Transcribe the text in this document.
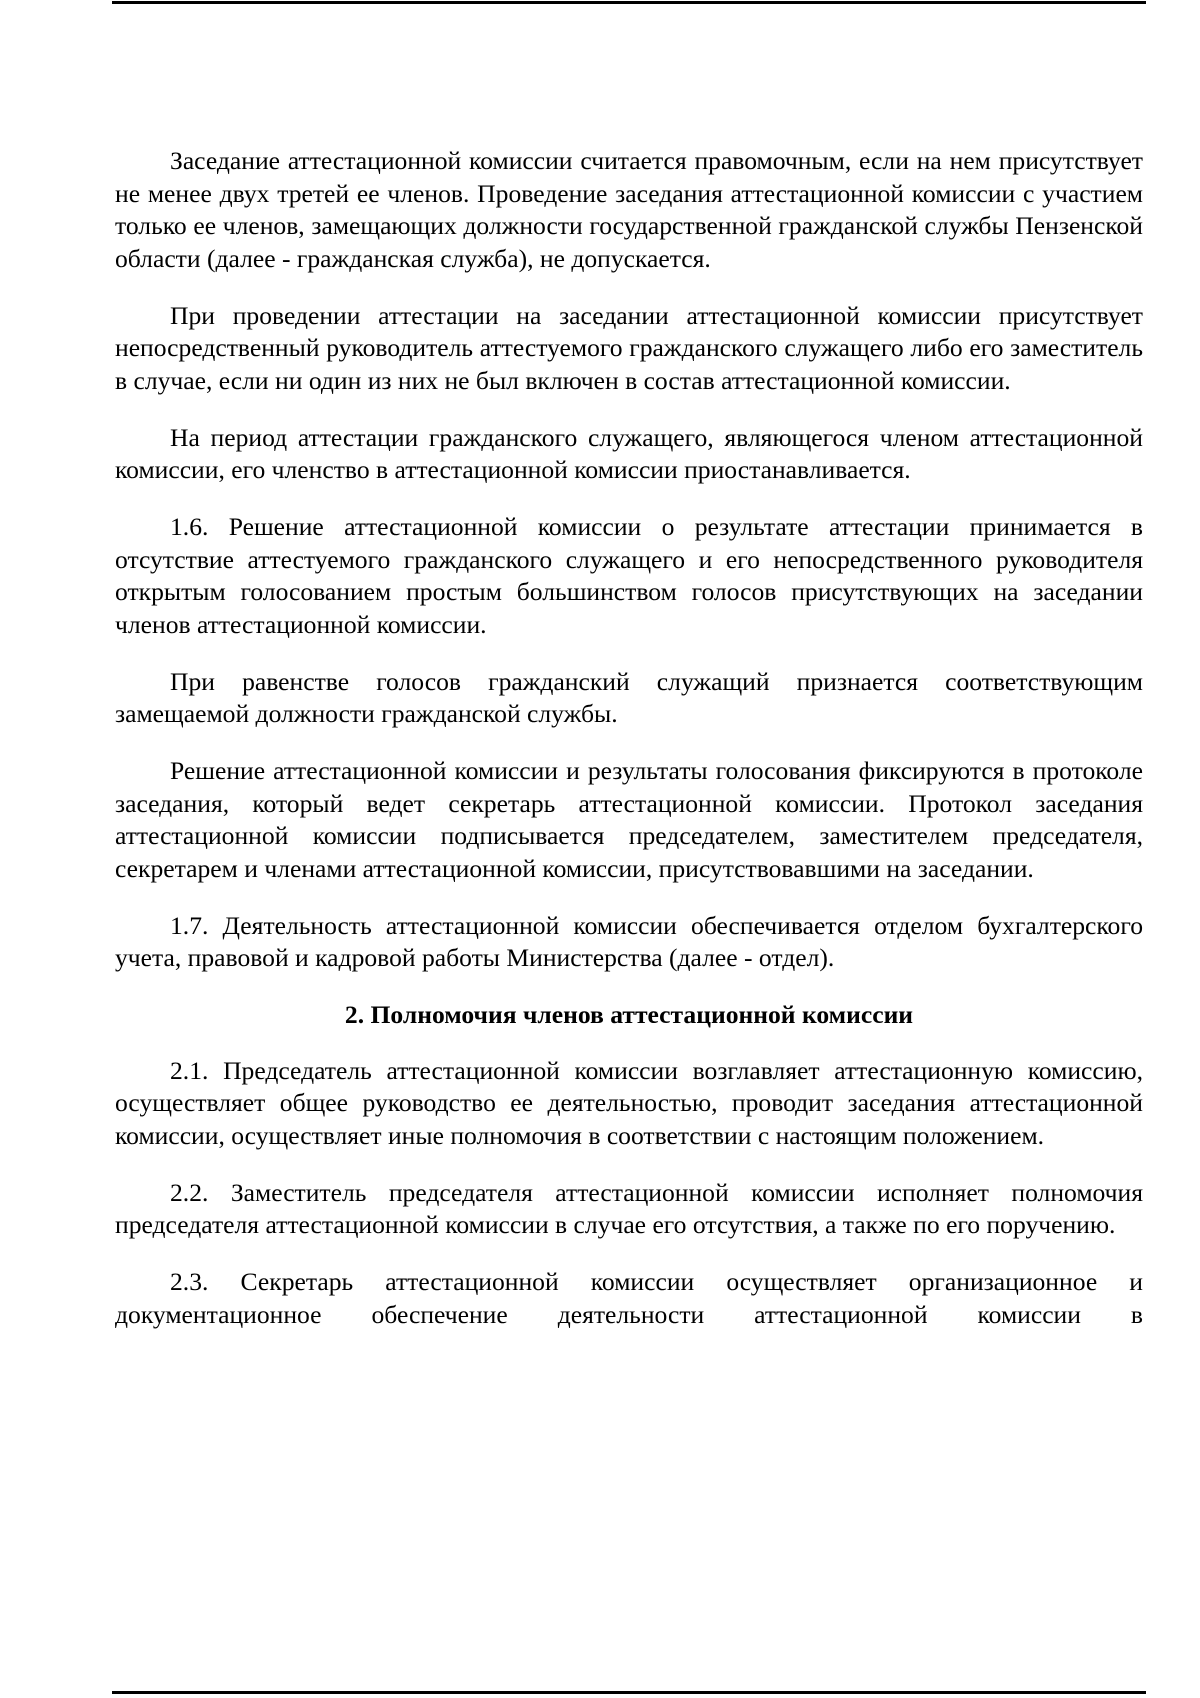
Заседание аттестационной комиссии считается правомочным, если на нем присутствует не менее двух третей ее членов. Проведение заседания аттестационной комиссии с участием только ее членов, замещающих должности государственной гражданской службы Пензенской области (далее - гражданская служба), не допускается.

При проведении аттестации на заседании аттестационной комиссии присутствует непосредственный руководитель аттестуемого гражданского служащего либо его заместитель в случае, если ни один из них не был включен в состав аттестационной комиссии.

На период аттестации гражданского служащего, являющегося членом аттестационной комиссии, его членство в аттестационной комиссии приостанавливается.

1.6. Решение аттестационной комиссии о результате аттестации принимается в отсутствие аттестуемого гражданского служащего и его непосредственного руководителя открытым голосованием простым большинством голосов присутствующих на заседании членов аттестационной комиссии.

При равенстве голосов гражданский служащий признается соответствующим замещаемой должности гражданской службы.

Решение аттестационной комиссии и результаты голосования фиксируются в протоколе заседания, который ведет секретарь аттестационной комиссии. Протокол заседания аттестационной комиссии подписывается председателем, заместителем председателя, секретарем и членами аттестационной комиссии, присутствовавшими на заседании.

1.7. Деятельность аттестационной комиссии обеспечивается отделом бухгалтерского учета, правовой и кадровой работы Министерства (далее - отдел).

2. Полномочия членов аттестационной комиссии

2.1. Председатель аттестационной комиссии возглавляет аттестационную комиссию, осуществляет общее руководство ее деятельностью, проводит заседания аттестационной комиссии, осуществляет иные полномочия в соответствии с настоящим положением.

2.2. Заместитель председателя аттестационной комиссии исполняет полномочия председателя аттестационной комиссии в случае его отсутствия, а также по его поручению.

2.3. Секретарь аттестационной комиссии осуществляет организационное и документационное обеспечение деятельности аттестационной комиссии в
